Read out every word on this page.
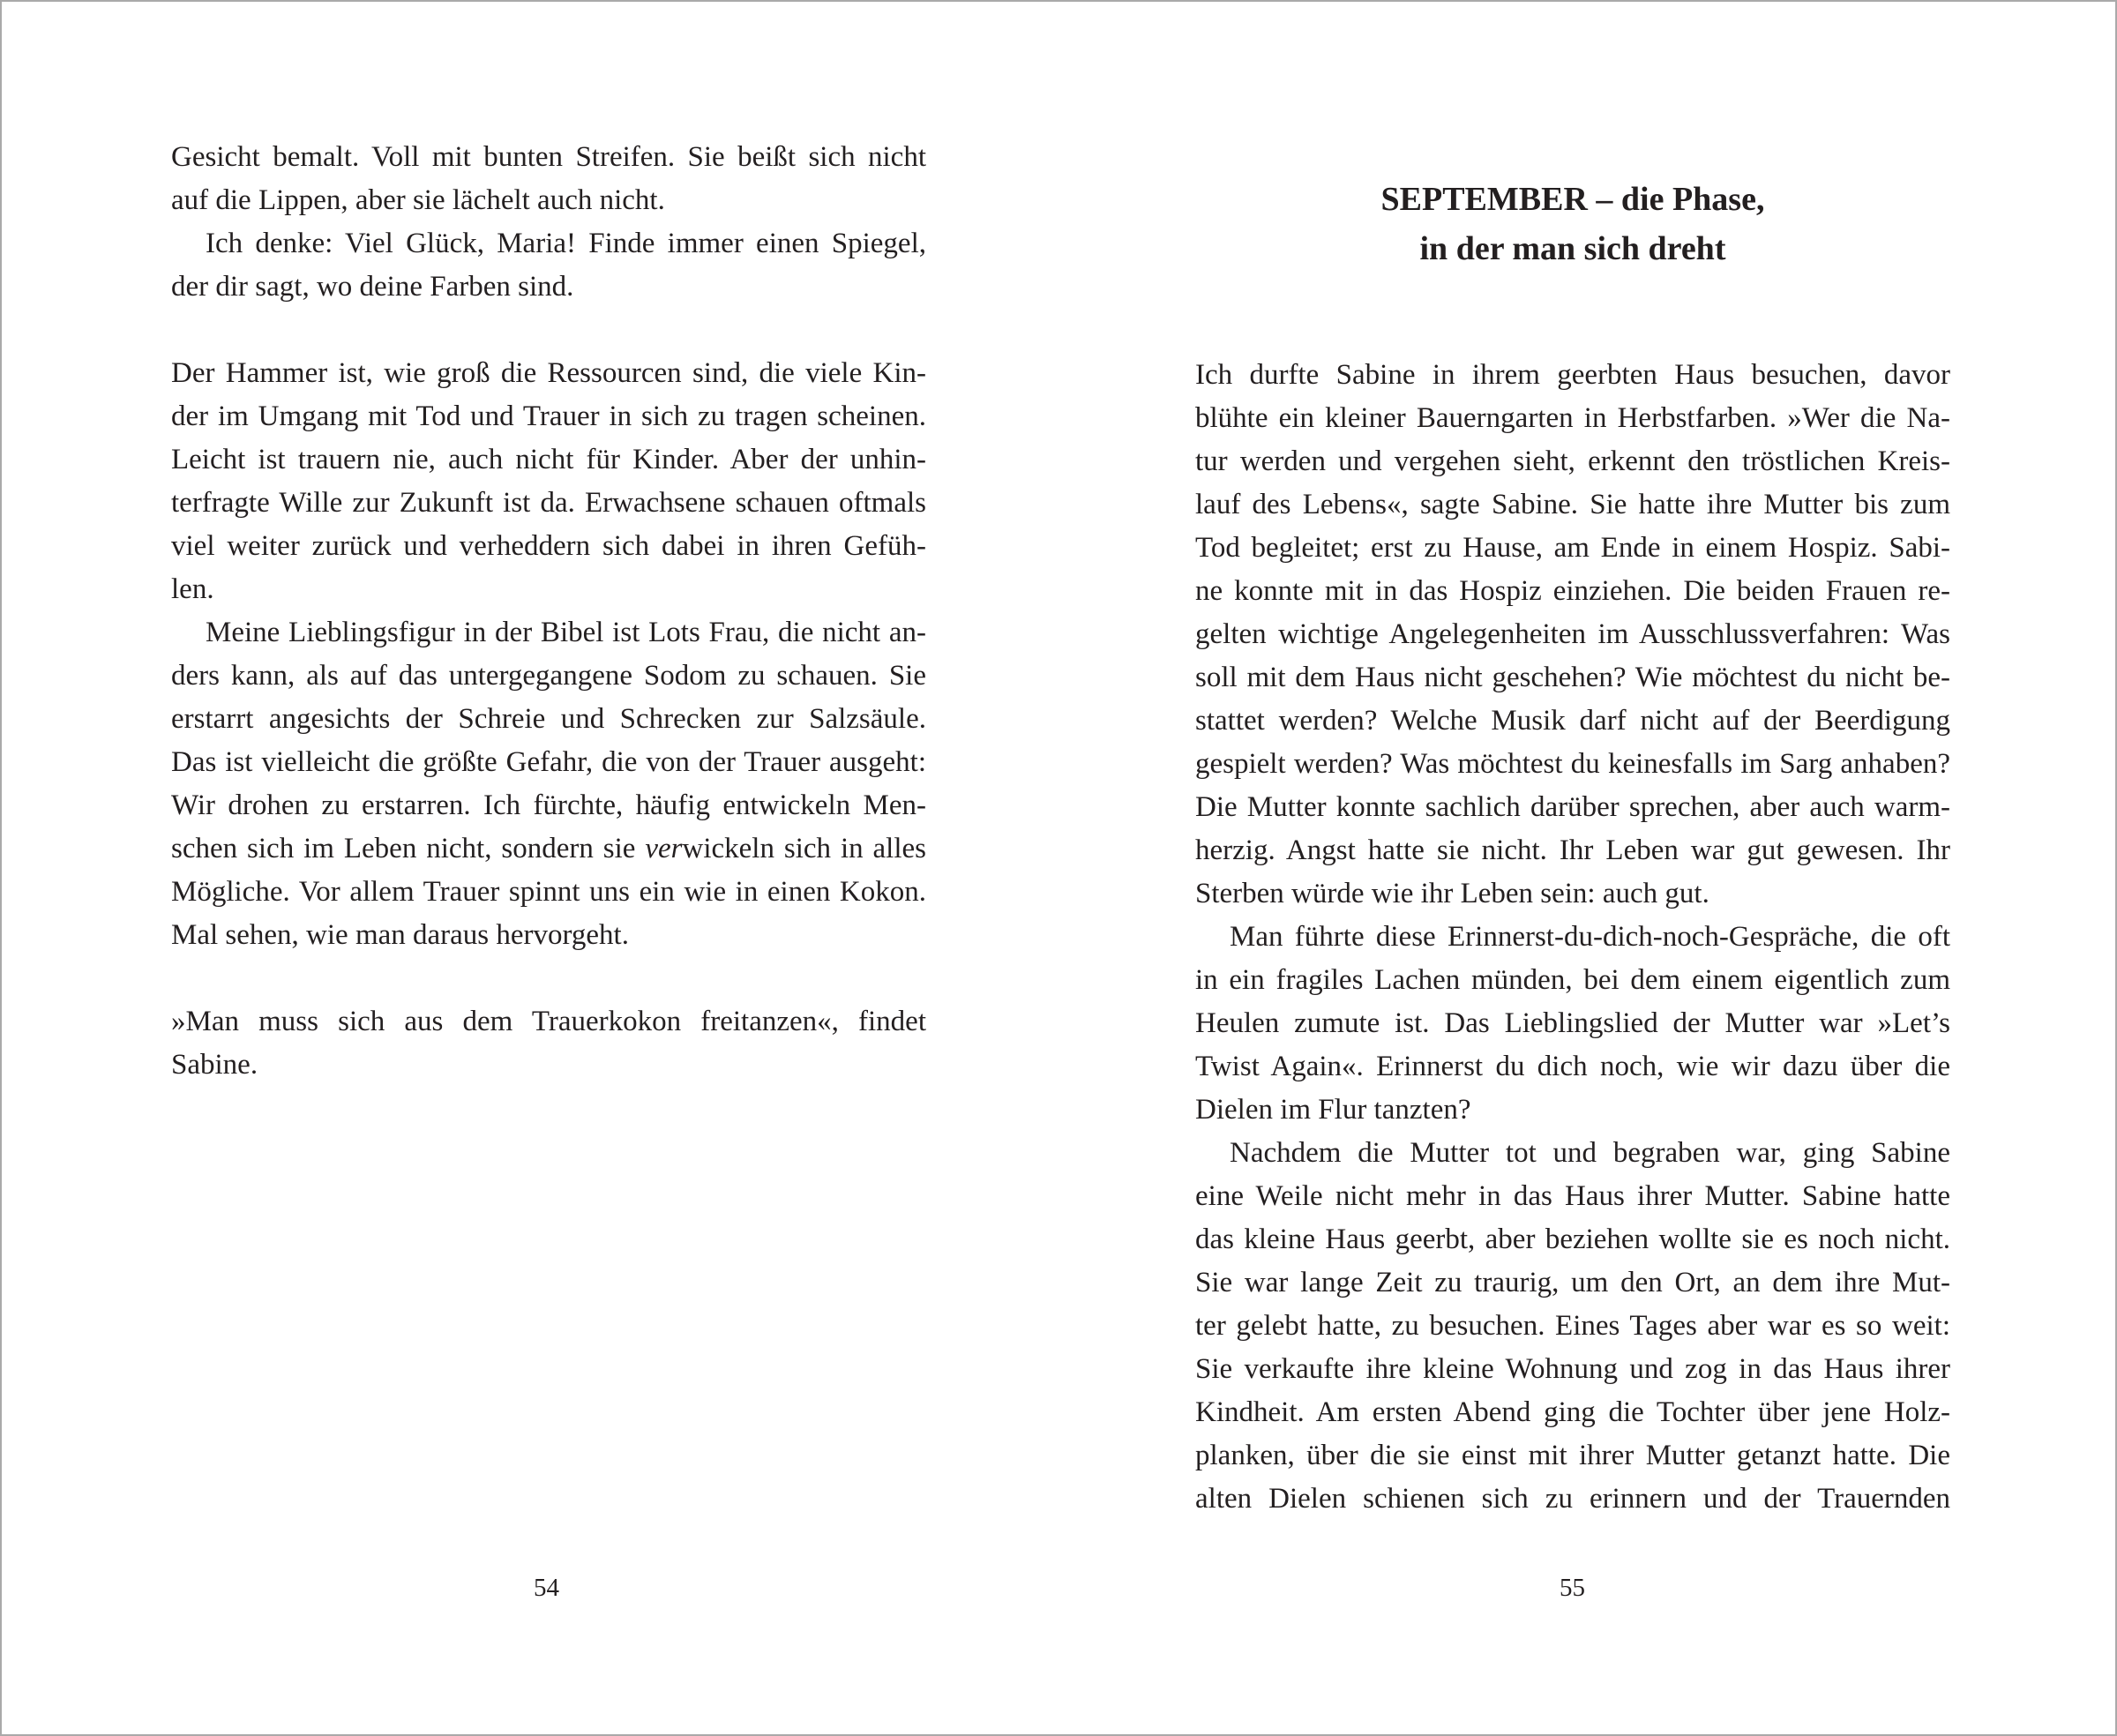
Gesicht bemalt. Voll mit bunten Streifen. Sie beißt sich nicht
auf die Lippen, aber sie lächelt auch nicht.
Ich denke: Viel Glück, Maria! Finde immer einen Spiegel,
der dir sagt, wo deine Farben sind.
Der Hammer ist, wie groß die Ressourcen sind, die viele Kin-
der im Umgang mit Tod und Trauer in sich zu tragen scheinen.
Leicht ist trauern nie, auch nicht für Kinder. Aber der unhin-
terfragte Wille zur Zukunft ist da. Erwachsene schauen oftmals
viel weiter zurück und verheddern sich dabei in ihren Gefüh-
len.
Meine Lieblingsfigur in der Bibel ist Lots Frau, die nicht an-
ders kann, als auf das untergegangene Sodom zu schauen. Sie
erstarrt angesichts der Schreie und Schrecken zur Salzsäule.
Das ist vielleicht die größte Gefahr, die von der Trauer ausgeht:
Wir drohen zu erstarren. Ich fürchte, häufig entwickeln Men-
schen sich im Leben nicht, sondern sie verwickeln sich in alles
Mögliche. Vor allem Trauer spinnt uns ein wie in einen Kokon.
Mal sehen, wie man daraus hervorgeht.
»Man muss sich aus dem Trauerkokon freitanzen«, findet
Sabine.
54
SEPTEMBER – die Phase,
in der man sich dreht
Ich durfte Sabine in ihrem geerbten Haus besuchen, davor
blühte ein kleiner Bauerngarten in Herbstfarben. »Wer die Na-
tur werden und vergehen sieht, erkennt den tröstlichen Kreis-
lauf des Lebens«, sagte Sabine. Sie hatte ihre Mutter bis zum
Tod begleitet; erst zu Hause, am Ende in einem Hospiz. Sabi-
ne konnte mit in das Hospiz einziehen. Die beiden Frauen re-
gelten wichtige Angelegenheiten im Ausschlussverfahren: Was
soll mit dem Haus nicht geschehen? Wie möchtest du nicht be-
stattet werden? Welche Musik darf nicht auf der Beerdigung
gespielt werden? Was möchtest du keinesfalls im Sarg anhaben?
Die Mutter konnte sachlich darüber sprechen, aber auch warm-
herzig. Angst hatte sie nicht. Ihr Leben war gut gewesen. Ihr
Sterben würde wie ihr Leben sein: auch gut.
Man führte diese Erinnerst-du-dich-noch-Gespräche, die oft
in ein fragiles Lachen münden, bei dem einem eigentlich zum
Heulen zumute ist. Das Lieblingslied der Mutter war »Let’s
Twist Again«. Erinnerst du dich noch, wie wir dazu über die
Dielen im Flur tanzten?
Nachdem die Mutter tot und begraben war, ging Sabine
eine Weile nicht mehr in das Haus ihrer Mutter. Sabine hatte
das kleine Haus geerbt, aber beziehen wollte sie es noch nicht.
Sie war lange Zeit zu traurig, um den Ort, an dem ihre Mut-
ter gelebt hatte, zu besuchen. Eines Tages aber war es so weit:
Sie verkaufte ihre kleine Wohnung und zog in das Haus ihrer
Kindheit. Am ersten Abend ging die Tochter über jene Holz-
planken, über die sie einst mit ihrer Mutter getanzt hatte. Die
alten Dielen schienen sich zu erinnern und der Trauernden
55
